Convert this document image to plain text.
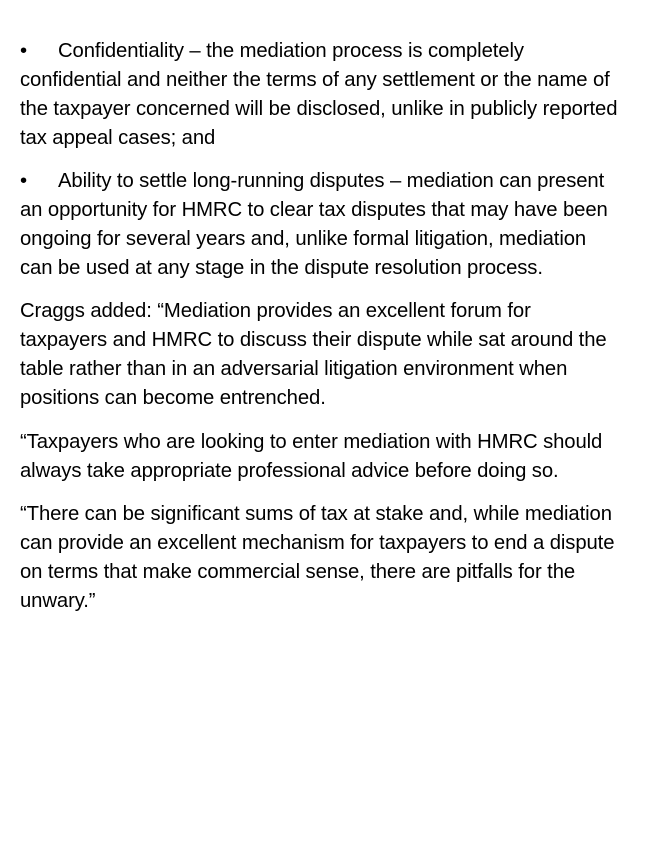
• Confidentiality – the mediation process is completely confidential and neither the terms of any settlement or the name of the taxpayer concerned will be disclosed, unlike in publicly reported tax appeal cases; and

• Ability to settle long-running disputes – mediation can present an opportunity for HMRC to clear tax disputes that may have been ongoing for several years and, unlike formal litigation, mediation can be used at any stage in the dispute resolution process.

Craggs added: “Mediation provides an excellent forum for taxpayers and HMRC to discuss their dispute while sat around the table rather than in an adversarial litigation environment when positions can become entrenched.

“Taxpayers who are looking to enter mediation with HMRC should always take appropriate professional advice before doing so.

“There can be significant sums of tax at stake and, while mediation can provide an excellent mechanism for taxpayers to end a dispute on terms that make commercial sense, there are pitfalls for the unwary.”
